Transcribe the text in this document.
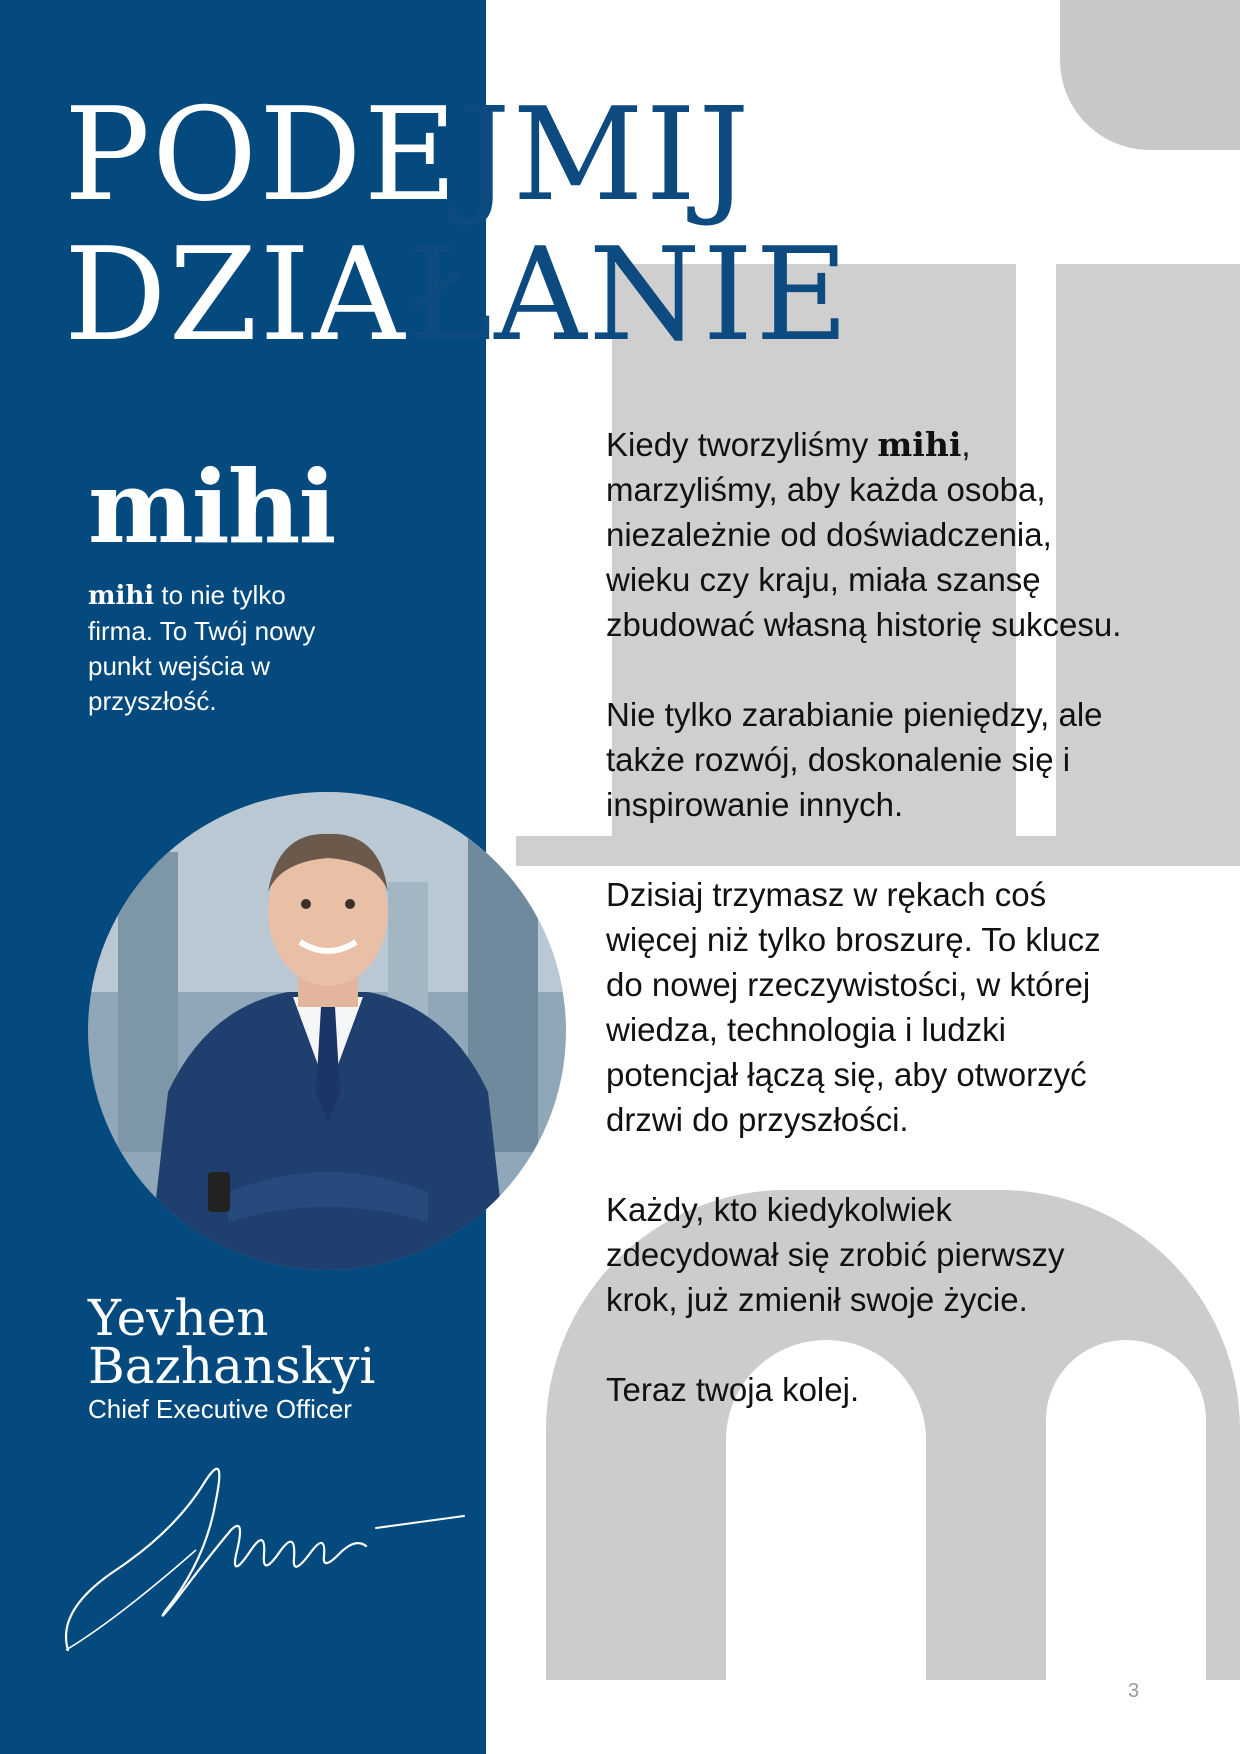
PODEJMIJ
DZIAŁANIE
mihi

mihi to nie tylko firma. To Twój nowy punkt wejścia w przyszłość.

Yevhen
Bazhanskyi

Chief Executive Officer

Kiedy tworzyliśmy mihi, marzyliśmy, aby każda osoba, niezależnie od doświadczenia, wieku czy kraju, miała szansę zbudować własną historię sukcesu.

Nie tylko zarabianie pieniędzy, ale także rozwój, doskonalenie się i inspirowanie innych.

Dzisiaj trzymasz w rękach coś więcej niż tylko broszurę. To klucz do nowej rzeczywistości, w której wiedza, technologia i ludzki potencjał łączą się, aby otworzyć drzwi do przyszłości.

Każdy, kto kiedykolwiek zdecydował się zrobić pierwszy krok, już zmienił swoje życie.

Teraz twoja kolej.

3
